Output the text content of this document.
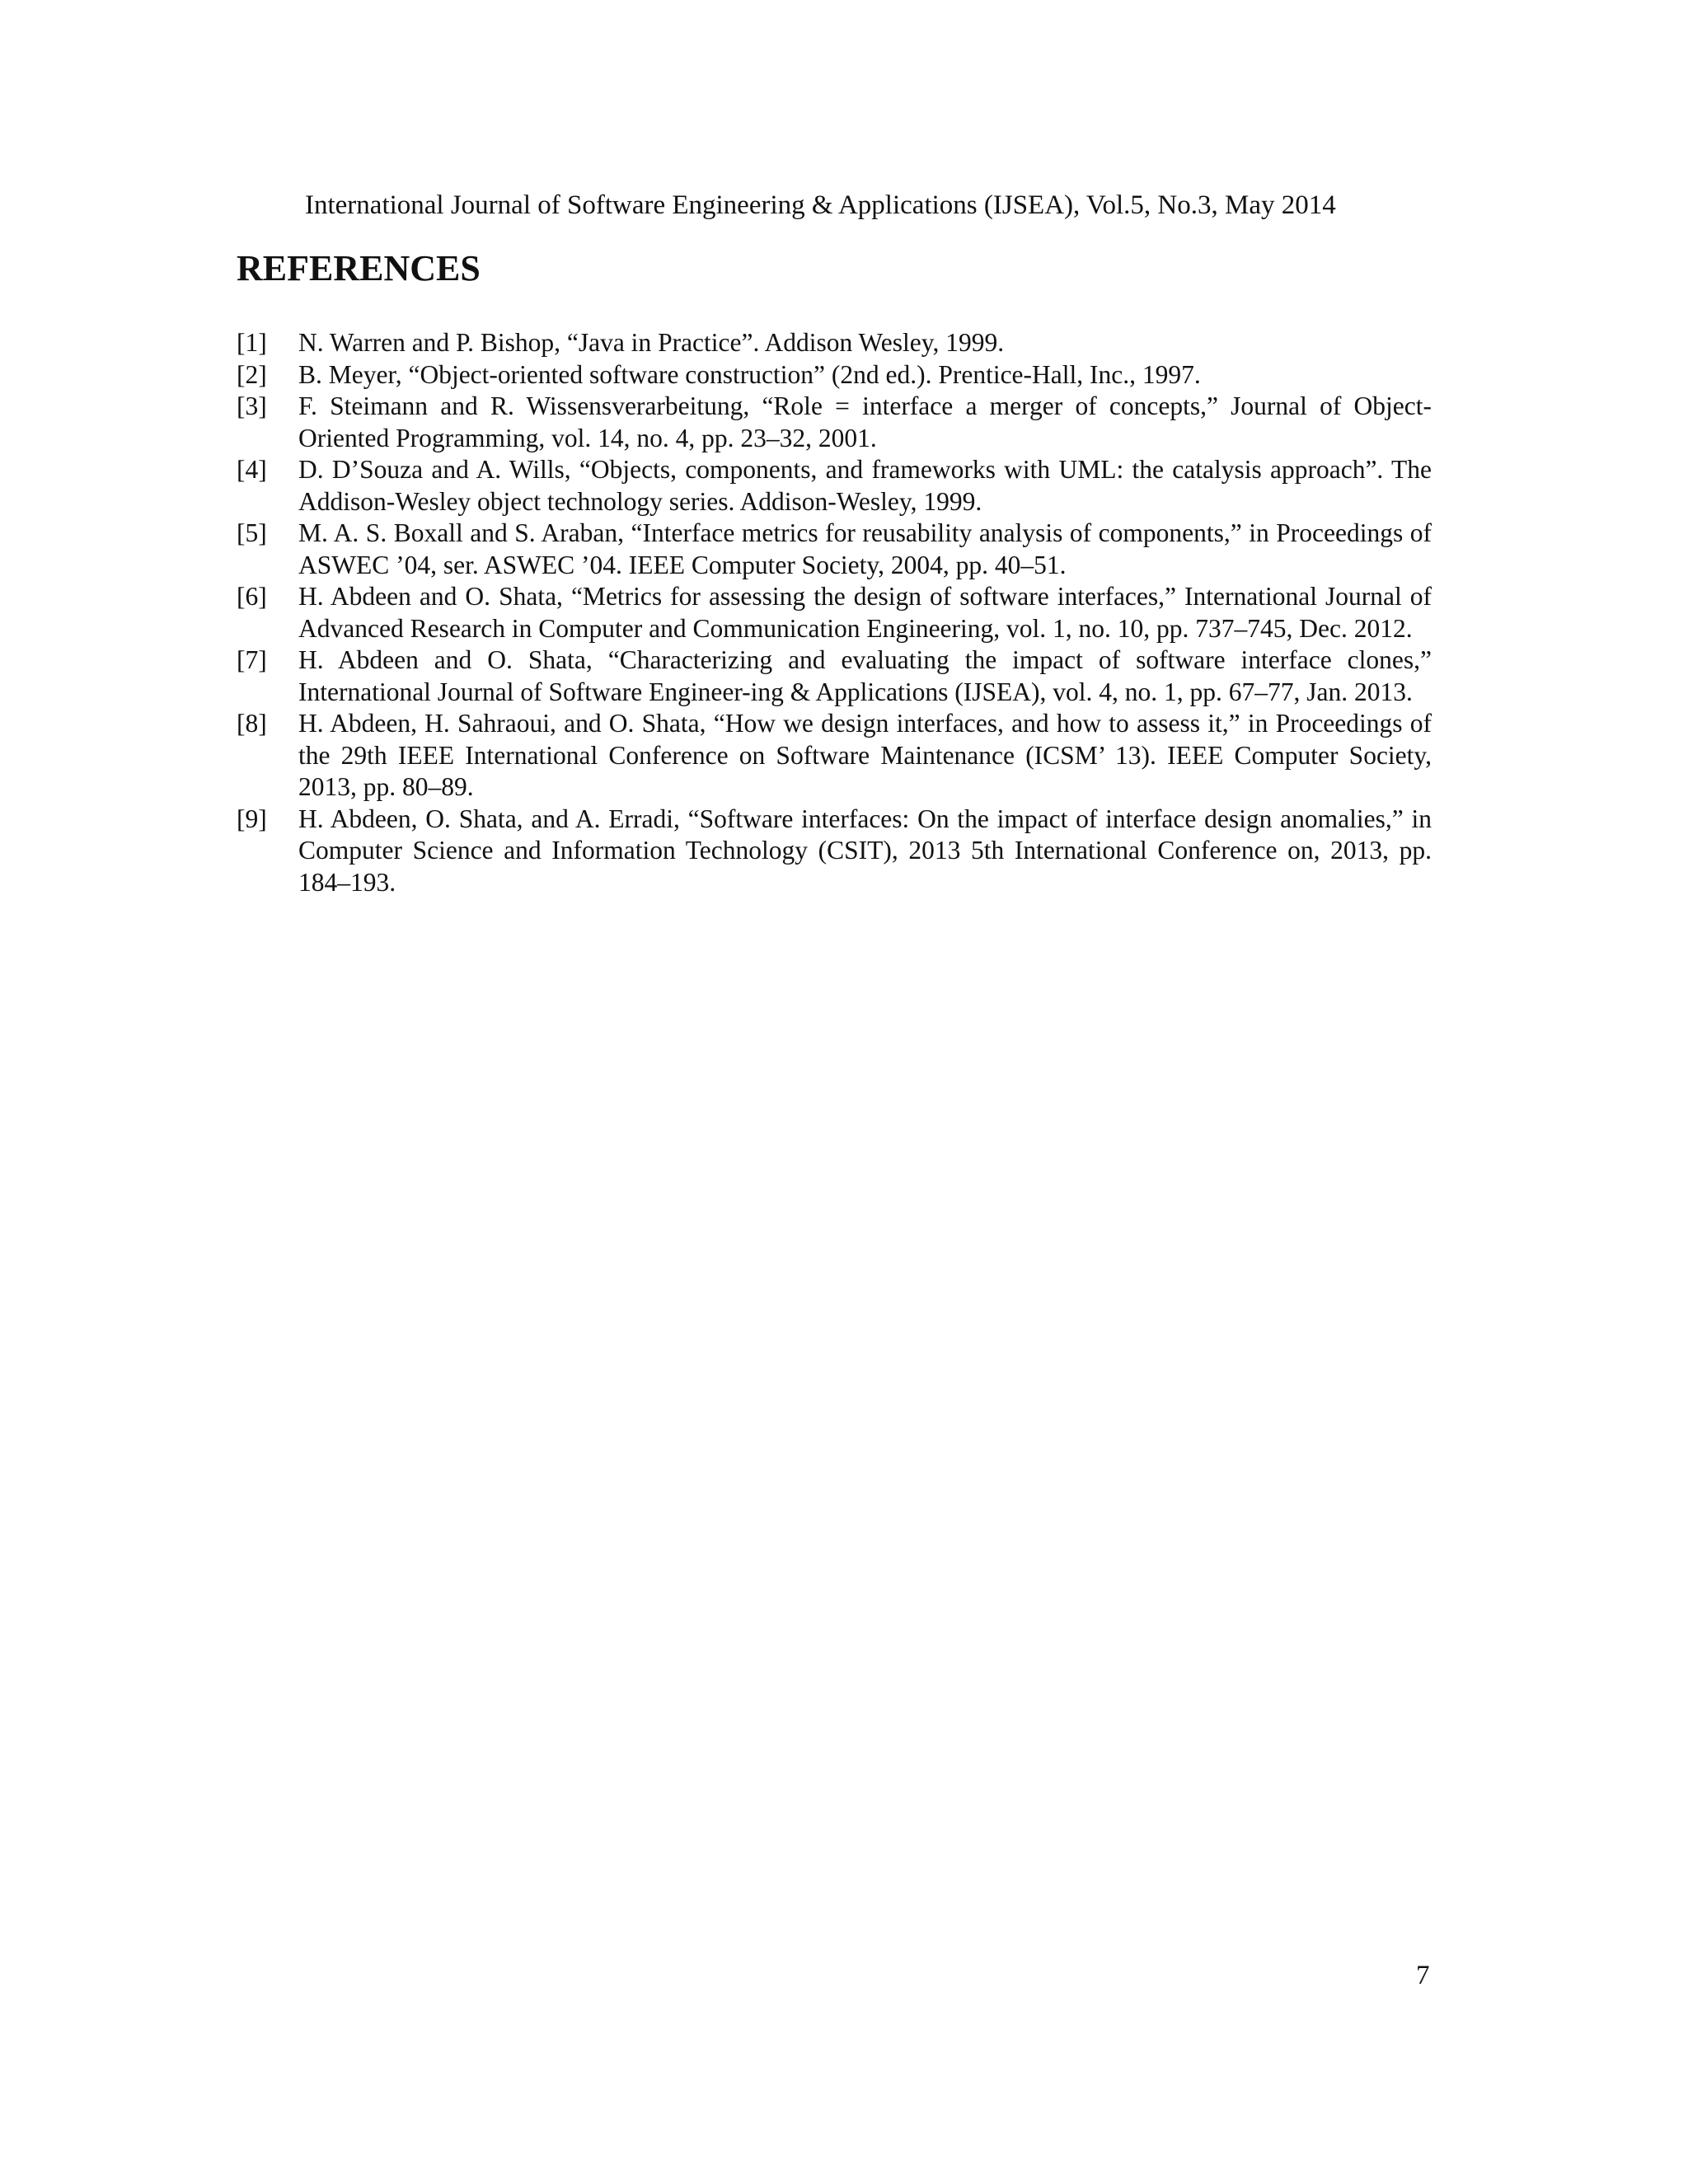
International Journal of Software Engineering & Applications (IJSEA), Vol.5, No.3, May 2014
REFERENCES
[1]	N. Warren and P. Bishop, “Java in Practice”. Addison Wesley, 1999.
[2]	B. Meyer, “Object-oriented software construction” (2nd ed.). Prentice-Hall, Inc., 1997.
[3]	F. Steimann and R. Wissensverarbeitung, “Role = interface a merger of concepts,” Journal of Object-Oriented Programming, vol. 14, no. 4, pp. 23–32, 2001.
[4]	D. D’Souza and A. Wills, “Objects, components, and frameworks with UML: the catalysis approach”. The Addison-Wesley object technology series. Addison-Wesley, 1999.
[5]	M. A. S. Boxall and S. Araban, “Interface metrics for reusability analysis of components,” in Proceedings of ASWEC ’04, ser. ASWEC ’04. IEEE Computer Society, 2004, pp. 40–51.
[6]	H. Abdeen and O. Shata, “Metrics for assessing the design of software interfaces,” International Journal of Advanced Research in Computer and Communication Engineering, vol. 1, no. 10, pp. 737–745, Dec. 2012.
[7]	H. Abdeen and O. Shata, “Characterizing and evaluating the impact of software interface clones,” International Journal of Software Engineer-ing & Applications (IJSEA), vol. 4, no. 1, pp. 67–77, Jan. 2013.
[8]	H. Abdeen, H. Sahraoui, and O. Shata, “How we design interfaces, and how to assess it,” in Proceedings of the 29th IEEE International Conference on Software Maintenance (ICSM’ 13). IEEE Computer Society, 2013, pp. 80–89.
[9]	H. Abdeen, O. Shata, and A. Erradi, “Software interfaces: On the impact of interface design anomalies,” in Computer Science and Information Technology (CSIT), 2013 5th International Conference on, 2013, pp. 184–193.
7
